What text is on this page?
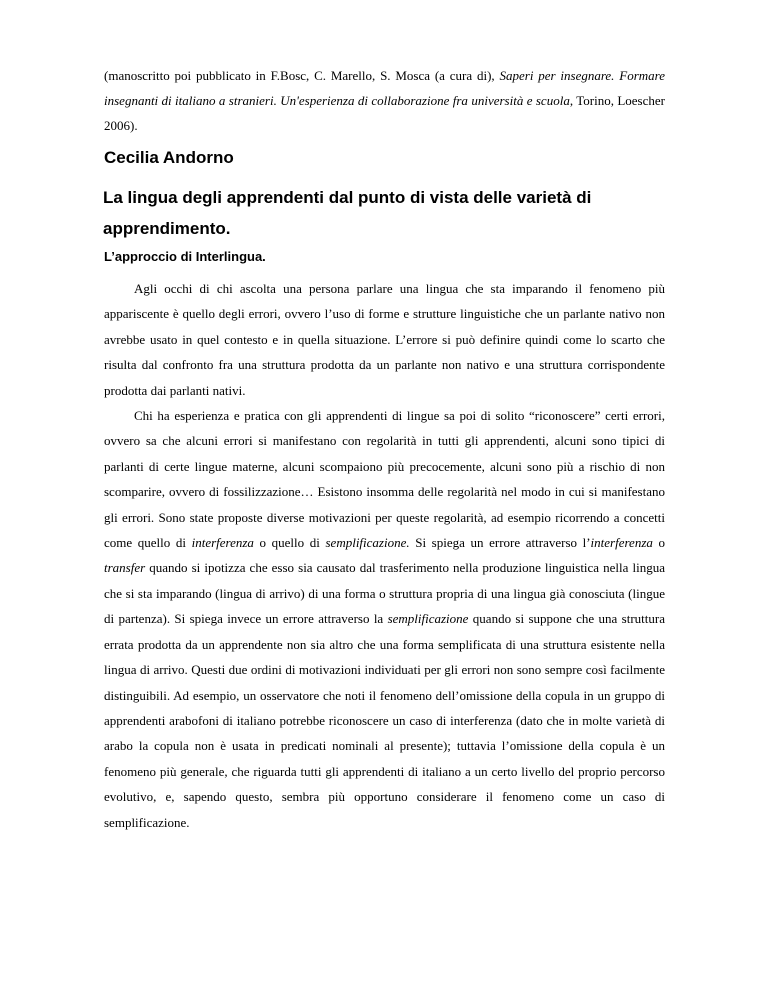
(manoscritto poi pubblicato in F.Bosc, C. Marello, S. Mosca (a cura di), Saperi per insegnare. Formare insegnanti di italiano a stranieri. Un'esperienza di collaborazione fra università e scuola, Torino, Loescher 2006).
Cecilia Andorno
La lingua degli apprendenti dal punto di vista delle varietà di apprendimento.
L’approccio di Interlingua.

Agli occhi di chi ascolta una persona parlare una lingua che sta imparando il fenomeno più appariscente è quello degli errori, ovvero l’uso di forme e strutture linguistiche che un parlante nativo non avrebbe usato in quel contesto e in quella situazione. L’errore si può definire quindi come lo scarto che risulta dal confronto fra una struttura prodotta da un parlante non nativo e una struttura corrispondente prodotta dai parlanti nativi.

Chi ha esperienza e pratica con gli apprendenti di lingue sa poi di solito “riconoscere” certi errori, ovvero sa che alcuni errori si manifestano con regolarità in tutti gli apprendenti, alcuni sono tipici di parlanti di certe lingue materne, alcuni scompaiono più precocemente, alcuni sono più a rischio di non scomparire, ovvero di fossilizzazione… Esistono insomma delle regolarità nel modo in cui si manifestano gli errori. Sono state proposte diverse motivazioni per queste regolarità, ad esempio ricorrendo a concetti come quello di interferenza o quello di semplificazione. Si spiega un errore attraverso l’interferenza o transfer quando si ipotizza che esso sia causato dal trasferimento nella produzione linguistica nella lingua che si sta imparando (lingua di arrivo) di una forma o struttura propria di una lingua già conosciuta (lingue di partenza). Si spiega invece un errore attraverso la semplificazione quando si suppone che una struttura errata prodotta da un apprendente non sia altro che una forma semplificata di una struttura esistente nella lingua di arrivo. Questi due ordini di motivazioni individuati per gli errori non sono sempre così facilmente distinguibili. Ad esempio, un osservatore che noti il fenomeno dell’omissione della copula in un gruppo di apprendenti arabofoni di italiano potrebbe riconoscere un caso di interferenza (dato che in molte varietà di arabo la copula non è usata in predicati nominali al presente); tuttavia l’omissione della copula è un fenomeno più generale, che riguarda tutti gli apprendenti di italiano a un certo livello del proprio percorso evolutivo, e, sapendo questo, sembra più opportuno considerare il fenomeno come un caso di semplificazione.
